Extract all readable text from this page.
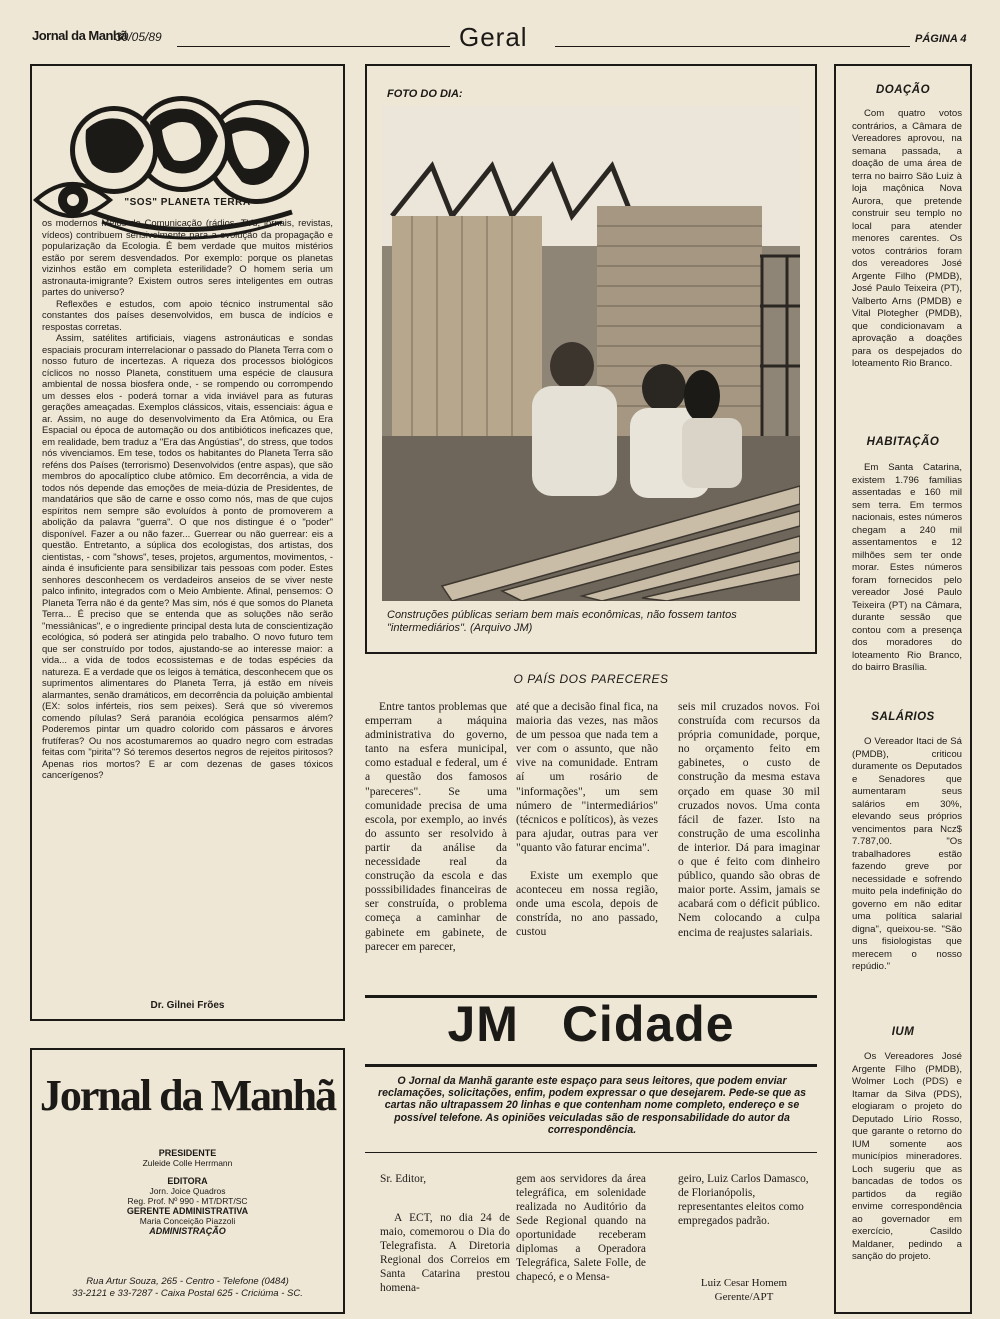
Jornal da Manhã
30/05/89	Geral	PÁGINA 4
"SOS" PLANETA TERRA

os modernos Meios de Comunicação (rádios, TVs, jornais, revistas, vídeos) contribuem sensivelmente para a evolução da propagação e popularização da Ecologia. É bem verdade que muitos mistérios estão por serem desvendados. Por exemplo: porque os planetas vizinhos estão em completa esterilidade? O homem seria um astronauta-imigrante? Existem outros seres inteligentes em outras partes do universo?

Reflexões e estudos, com apoio técnico instrumental são constantes dos países desenvolvidos, em busca de indícios e respostas corretas.

Assim, satélites artificiais, viagens astronáuticas e sondas espaciais procuram interrelacionar o passado do Planeta Terra com o nosso futuro de incertezas. A riqueza dos processos biológicos cíclicos no nosso Planeta, constituem uma espécie de clausura ambiental de nossa biosfera onde, - se rompendo ou corrompendo um desses elos - poderá tornar a vida inviável para as futuras gerações ameaçadas. Exemplos clássicos, vitais, essenciais: água e ar. Assim, no auge do desenvolvimento da Era Atômica, ou Era Espacial ou época de automação ou dos antibióticos ineficazes que, em realidade, bem traduz a "Era das Angústias", do stress, que todos nós vivenciamos. Em tese, todos os habitantes do Planeta Terra são reféns dos Países (terrorismo) Desenvolvidos (entre aspas), que são membros do apocalíptico clube atômico. Em decorrência, a vida de todos nós depende das emoções de meia-dúzia de Presidentes, de mandatários que são de carne e osso como nós, mas de que cujos espíritos nem sempre são evoluídos à ponto de promoverem a abolição da palavra "guerra". O que nos distingue é o "poder" disponível. Fazer a ou não fazer... Guerrear ou não guerrear: eis a questão. Entretanto, a súplica dos ecologistas, dos artistas, dos cientistas, - com "shows", teses, projetos, argumentos, movimentos, - ainda é insuficiente para sensibilizar tais pessoas com poder. Estes senhores desconhecem os verdadeiros anseios de se viver neste palco infinito, integrados com o Meio Ambiente. Afinal, pensemos: O Planeta Terra não é da gente? Mas sim, nós é que somos do Planeta Terra... É preciso que se entenda que as soluções não serão "messiânicas", e o ingrediente principal desta luta de conscientização ecológica, só poderá ser atingida pelo trabalho. O novo futuro tem que ser construído por todos, ajustando-se ao interesse maior: a vida... a vida de todos ecossistemas e de todas espécies da natureza. E a verdade que os leigos à temática, desconhecem que os suprimentos alimentares do Planeta Terra, já estão em níveis alarmantes, senão dramáticos, em decorrência da poluição ambiental (EX: solos inférteis, rios sem peixes). Será que só viveremos comendo pílulas? Será paranóia ecológica pensarmos além? Poderemos pintar um quadro colorido com pássaros e árvores frutíferas? Ou nos acostumaremos ao quadro negro com estradas feitas com "pirita"? Só teremos desertos negros de rejeitos piritosos? Apenas rios mortos? E ar com dezenas de gases tóxicos cancerígenos?

Dr. Gilnei Frões
Jornal da Manhã
PRESIDENTE
Zuleide Colle Herrmann
EDITORA
Jorn. Joice Quadros
Reg. Prof. Nº 990 - MT/DRT/SC
GERENTE ADMINISTRATIVA
Maria Conceição Piazzoli
ADMINISTRAÇÃO
Rua Artur Souza, 265 - Centro - Telefone (0484)
33-2121 e 33-7287 - Caixa Postal 625 - Criciúma - SC.
FOTO DO DIA:
Construções públicas seriam bem mais econômicas, não fossem tantos "intermediários". (Arquivo JM)
O PAÍS DOS PARECERES

Entre tantos problemas que emperram a máquina administrativa do governo, tanto na esfera municipal, como estadual e federal, um é a questão dos famosos "pareceres". Se uma comunidade precisa de uma escola, por exemplo, ao invés do assunto ser resolvido à partir da análise da necessidade real da construção da escola e das posssibilidades financeiras de ser construída, o problema começa a caminhar de gabinete em gabinete, de parecer em parecer,

até que a decisão final fica, na maioria das vezes, nas mãos de um pessoa que nada tem a ver com o assunto, que não vive na comunidade. Entram aí um rosário de "informações", um sem número de "intermediários" (técnicos e políticos), às vezes para ajudar, outras para ver "quanto vão faturar encima".

Existe um exemplo que aconteceu em nossa região, onde uma escola, depois de constrída, no ano passado, custou

seis mil cruzados novos. Foi construída com recursos da própria comunidade, porque, no orçamento feito em gabinetes, o custo de construção da mesma estava orçado em quase 30 mil cruzados novos. Uma conta fácil de fazer. Isto na construção de uma escolinha de interior. Dá para imaginar o que é feito com dinheiro público, quando são obras de maior porte. Assim, jamais se acabará com o déficit público. Nem colocando a culpa encima de reajustes salariais.

JM Cidade
O Jornal da Manhã garante este espaço para seus leitores, que podem enviar reclamações, solicitações, enfim, podem expressar o que desejarem. Pede-se que as cartas não ultrapassem 20 linhas e que contenham nome completo, endereço e se possível telefone. As opiniões veiculadas são de responsabilidade do autor da correspondência.
Sr. Editor,
A ECT, no dia 24 de maio, comemorou o Dia do Telegrafista. A Diretoria Regional dos Correios em Santa Catarina prestou homena-
gem aos servidores da área telegráfica, em solenidade realizada no Auditório da Sede Regional quando na oportunidade receberam diplomas a Operadora Telegráfica, Salete Folle, de chapecó, e o Mensa-
geiro, Luiz Carlos Damasco, de Florianópolis, representantes eleitos como empregados padrão.
Luiz Cesar Homem
Gerente/APT
DOAÇÃO

Com quatro votos contrários, a Câmara de Vereadores aprovou, na semana passada, a doação de uma área de terra no bairro São Luiz à loja maçônica Nova Aurora, que pretende construir seu templo no local para atender menores carentes. Os votos contrários foram dos vereadores José Argente Filho (PMDB), José Paulo Teixeira (PT), Valberto Arns (PMDB) e Vital Plotegher (PMDB), que condicionavam a aprovação a doações para os despejados do loteamento Rio Branco.

HABITAÇÃO

Em Santa Catarina, existem 1.796 famílias assentadas e 160 mil sem terra. Em termos nacionais, estes números chegam a 240 mil assentamentos e 12 milhões sem ter onde morar. Estes números foram fornecidos pelo vereador José Paulo Teixeira (PT) na Câmara, durante sessão que contou com a presença dos moradores do loteamento Rio Branco, do bairro Brasília.

SALÁRIOS

O Vereador Itaci de Sá (PMDB), criticou duramente os Deputados e Senadores que aumentaram seus salários em 30%, elevando seus próprios vencimentos para Ncz$ 7.787,00. "Os trabalhadores estão fazendo greve por necessidade e sofrendo muito pela indefinição do governo em não editar uma política salarial digna", queixou-se. "São uns fisiologistas que merecem o nosso repúdio."

IUM

Os Vereadores José Argente Filho (PMDB), Wolmer Loch (PDS) e Itamar da Silva (PDS), elogiaram o projeto do Deputado Lírio Rosso, que garante o retorno do IUM somente aos municípios mineradores. Loch sugeriu que as bancadas de todos os partidos da região envime correspondência ao governador em exercício, Casildo Maldaner, pedindo a sanção do projeto.
